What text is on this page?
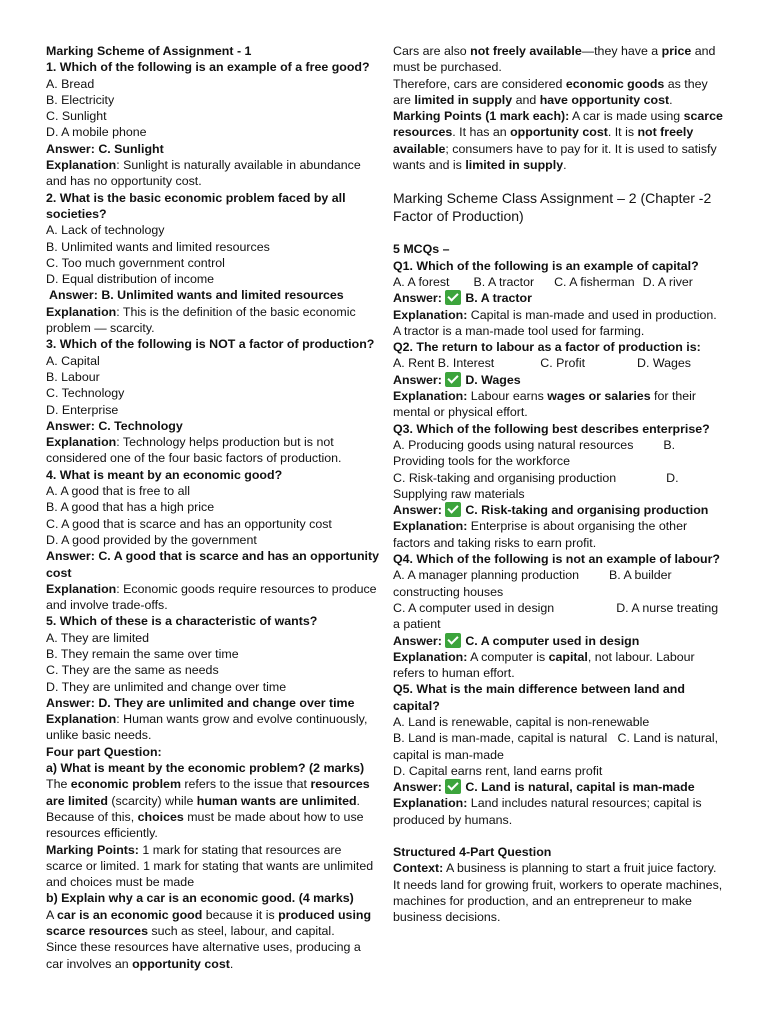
Marking Scheme of Assignment - 1

1. Which of the following is an example of a free good?

A. Bread

B. Electricity

C. Sunlight

D. A mobile phone

Answer: C. Sunlight

Explanation: Sunlight is naturally available in abundance and has no opportunity cost.

2. What is the basic economic problem faced by all societies?

A. Lack of technology

B. Unlimited wants and limited resources

C. Too much government control

D. Equal distribution of income

Answer: B. Unlimited wants and limited resources

Explanation: This is the definition of the basic economic problem — scarcity.

3. Which of the following is NOT a factor of production?

A. Capital

B. Labour

C. Technology

D. Enterprise

Answer: C. Technology

Explanation: Technology helps production but is not considered one of the four basic factors of production.

4. What is meant by an economic good?

A. A good that is free to all

B. A good that has a high price

C. A good that is scarce and has an opportunity cost

D. A good provided by the government

Answer: C. A good that is scarce and has an opportunity cost

Explanation: Economic goods require resources to produce and involve trade-offs.

5. Which of these is a characteristic of wants?

A. They are limited

B. They remain the same over time

C. They are the same as needs

D. They are unlimited and change over time

Answer: D. They are unlimited and change over time

Explanation: Human wants grow and evolve continuously, unlike basic needs.

Four part Question:

a) What is meant by the economic problem? (2 marks)

The economic problem refers to the issue that resources are limited (scarcity) while human wants are unlimited.

Because of this, choices must be made about how to use resources efficiently.

Marking Points: 1 mark for stating that resources are scarce or limited. 1 mark for stating that wants are unlimited and choices must be made

b) Explain why a car is an economic good. (4 marks)

A car is an economic good because it is produced using scarce resources such as steel, labour, and capital.

Since these resources have alternative uses, producing a car involves an opportunity cost.

Cars are also not freely available—they have a price and must be purchased.

Therefore, cars are considered economic goods as they are limited in supply and have opportunity cost.

Marking Points (1 mark each): A car is made using scarce resources. It has an opportunity cost. It is not freely available; consumers have to pay for it. It is used to satisfy wants and is limited in supply.

Marking Scheme Class Assignment – 2 (Chapter -2 Factor of Production)

5 MCQs –

Q1. Which of the following is an example of capital?

A. A forest B. A tractor C. A fisherman D. A river

Answer: B. A tractor

Explanation: Capital is man-made and used in production. A tractor is a man-made tool used for farming.

Q2. The return to labour as a factor of production is:

A. Rent B. Interest	C. Profit	D. Wages

Answer: D. Wages

Explanation: Labour earns wages or salaries for their mental or physical effort.

Q3. Which of the following best describes enterprise?

A. Producing goods using natural resources B. Providing tools for the workforce

C. Risk-taking and organising production	D. Supplying raw materials

Answer: C. Risk-taking and organising production

Explanation: Enterprise is about organising the other factors and taking risks to earn profit.

Q4. Which of the following is not an example of labour?

A. A manager planning production B. A builder constructing houses

C. A computer used in design	D. A nurse treating a patient

Answer: C. A computer used in design

Explanation: A computer is capital, not labour. Labour refers to human effort.

Q5. What is the main difference between land and capital?

A. Land is renewable, capital is non-renewable

B. Land is man-made, capital is natural C. Land is natural, capital is man-made

D. Capital earns rent, land earns profit

Answer: C. Land is natural, capital is man-made

Explanation: Land includes natural resources; capital is produced by humans.

Structured 4-Part Question

Context: A business is planning to start a fruit juice factory. It needs land for growing fruit, workers to operate machines, machines for production, and an entrepreneur to make business decisions.
